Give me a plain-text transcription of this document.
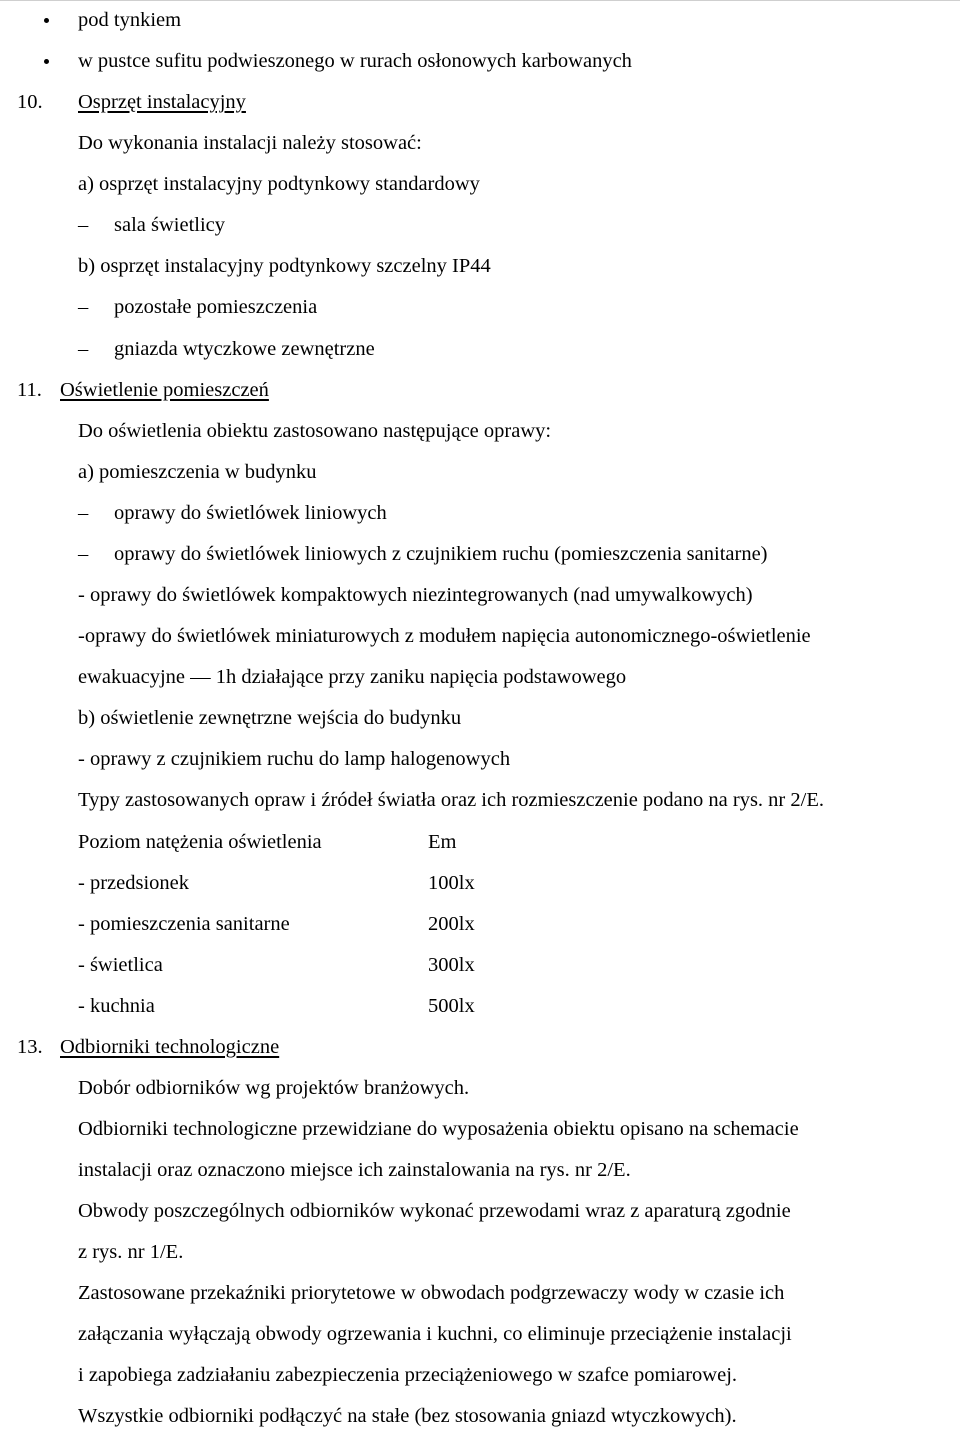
pod tynkiem
w pustce sufitu podwieszonego w rurach osłonowych karbowanych
10. Osprzęt instalacyjny
Do wykonania instalacji należy stosować:
a) osprzęt instalacyjny podtynkowy standardowy
– sala świetlicy
b) osprzęt instalacyjny podtynkowy szczelny IP44
– pozostałe pomieszczenia
– gniazda wtyczkowe zewnętrzne
11. Oświetlenie pomieszczeń
Do oświetlenia obiektu zastosowano następujące oprawy:
a) pomieszczenia w budynku
– oprawy do świetlówek liniowych
– oprawy do świetlówek liniowych z czujnikiem ruchu (pomieszczenia sanitarne)
- oprawy do świetlówek kompaktowych niezintegrowanych (nad umywalkowych)
-oprawy do świetlówek miniaturowych z modułem napięcia autonomicznego-oświetlenie
ewakuacyjne — 1h działające przy zaniku napięcia podstawowego
b) oświetlenie zewnętrzne wejścia do budynku
- oprawy z czujnikiem ruchu do lamp halogenowych
Typy zastosowanych opraw i źródeł światła oraz ich rozmieszczenie podano na rys. nr 2/E.
Poziom natężenia oświetlenia	Em
- przedsionek	100lx
- pomieszczenia sanitarne	200lx
- świetlica	300lx
- kuchnia	500lx
13. Odbiorniki technologiczne
Dobór odbiorników wg projektów branżowych.
Odbiorniki technologiczne przewidziane do wyposażenia obiektu opisano na schemacie
instalacji oraz oznaczono miejsce ich zainstalowania na rys. nr 2/E.
Obwody poszczególnych odbiorników wykonać przewodami wraz z aparaturą zgodnie
z rys. nr 1/E.
Zastosowane przekaźniki priorytetowe w obwodach podgrzewaczy wody w czasie ich
załączania wyłączają obwody ogrzewania i kuchni, co eliminuje przeciążenie instalacji
i zapobiega zadziałaniu zabezpieczenia przeciążeniowego w szafce pomiarowej.
Wszystkie odbiorniki podłączyć na stałe (bez stosowania gniazd wtyczkowych).
